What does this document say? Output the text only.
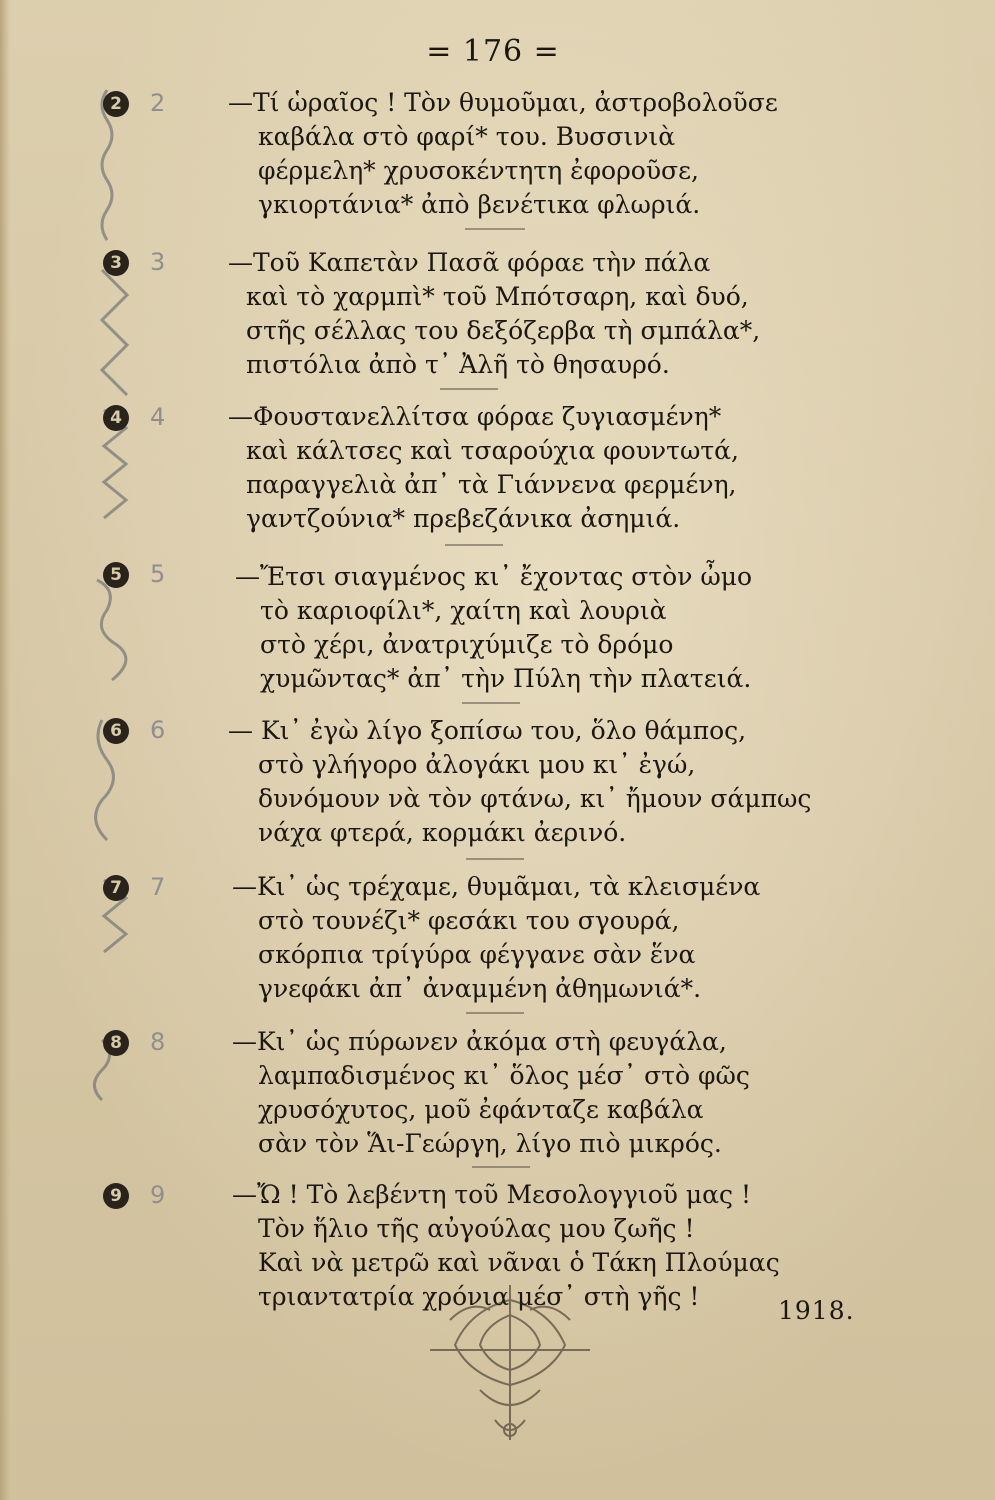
= 176 =
2 2	—Τί ὡραῖος ! Τὸν θυμοῦμαι, ἀστροβολοῦσε
καβάλα στὸ φαρί* του. Βυσσινιὰ
φέρμελη* χρυσοκέντητη ἐφοροῦσε,
γκιορτάνια* ἀπὸ βενέτικα φλωριά.
3 3	—Τοῦ Καπετὰν Πασᾶ φόραε τὴν πάλα
καὶ τὸ χαρμπὶ* τοῦ Μπότσαρη, καὶ δυό,
στῆς σέλλας του δεξόζερβα τὴ σμπάλα*,
πιστόλια ἀπὸ τ᾿ Ἀλῆ τὸ θησαυρό.
4 4	—Φουστανελλίτσα φόραε ζυγιασμένη*
καὶ κάλτσες καὶ τσαρούχια φουντωτά,
παραγγελιὰ ἀπ᾿ τὰ Γιάννενα φερμένη,
γαντζούνια* πρεβεζάνικα ἀσημιά.
5 5	—Ἔτσι σιαγμένος κι᾿ ἔχοντας στὸν ὦμο
τὸ καριοφίλι*, χαίτη καὶ λουριὰ
στὸ χέρι, ἀνατριχύμιζε τὸ δρόμο
χυμῶντας* ἀπ᾿ τὴν Πύλη τὴν πλατειά.
6 6	— Κι᾿ ἐγὼ λίγο ξοπίσω του, ὅλο θάμπος,
στὸ γλήγορο ἀλογάκι μου κι᾿ ἐγώ,
δυνόμουν νὰ τὸν φτάνω, κι᾿ ἤμουν σάμπως
νάχα φτερά, κορμάκι ἀερινό.
7 7	—Κι᾿ ὡς τρέχαμε, θυμᾶμαι, τὰ κλεισμένα
στὸ τουνέζι* φεσάκι του σγουρά,
σκόρπια τρίγύρα φέγγανε σὰν ἕνα
γνεφάκι ἀπ᾿ ἀναμμένη ἀθημωνιά*.
8 8	—Κι᾿ ὡς πύρωνεν ἀκόμα στὴ φευγάλα,
λαμπαδισμένος κι᾿ ὅλος μέσ᾿ στὸ φῶς
χρυσόχυτος, μοῦ ἐφάνταζε καβάλα
σὰν τὸν Ἅι-Γεώργη, λίγο πιὸ μικρός.
9 9	—Ὤ ! Τὸ λεβέντη τοῦ Μεσολογγιοῦ μας !
Τὸν ἥλιο τῆς αὐγούλας μου ζωῆς !
Καὶ νὰ μετρῶ καὶ νᾶναι ὁ Τάκη Πλούμας
τριαντατρία χρόνια μέσ᾿ στὴ γῆς !	1918.
